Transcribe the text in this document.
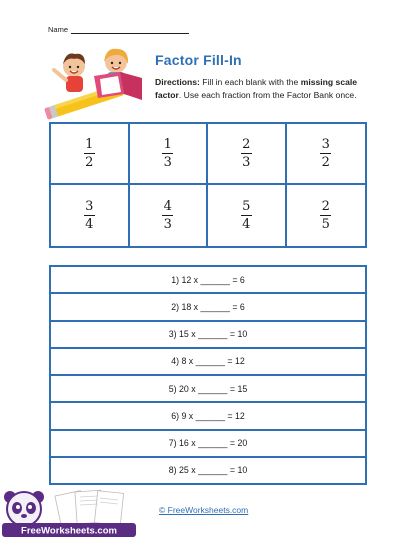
Name
Factor Fill-In
Directions: Fill in each blank with the missing scale factor. Use each fraction from the Factor Bank once.
$\frac{1}{2}$	$\frac{1}{3}$	$\frac{2}{3}$	$\frac{3}{2}$
$\frac{3}{4}$	$\frac{4}{3}$	$\frac{5}{4}$	$\frac{2}{5}$
1) 12 x ______ = 6
2) 18 x ______ = 6
3) 15 x ______ = 10
4) 8 x ______ = 12
5) 20 x ______ = 15
6) 9 x ______ = 12
7) 16 x ______ = 20
8) 25 x ______ = 10
FreeWorksheets.com
© FreeWorksheets.com
